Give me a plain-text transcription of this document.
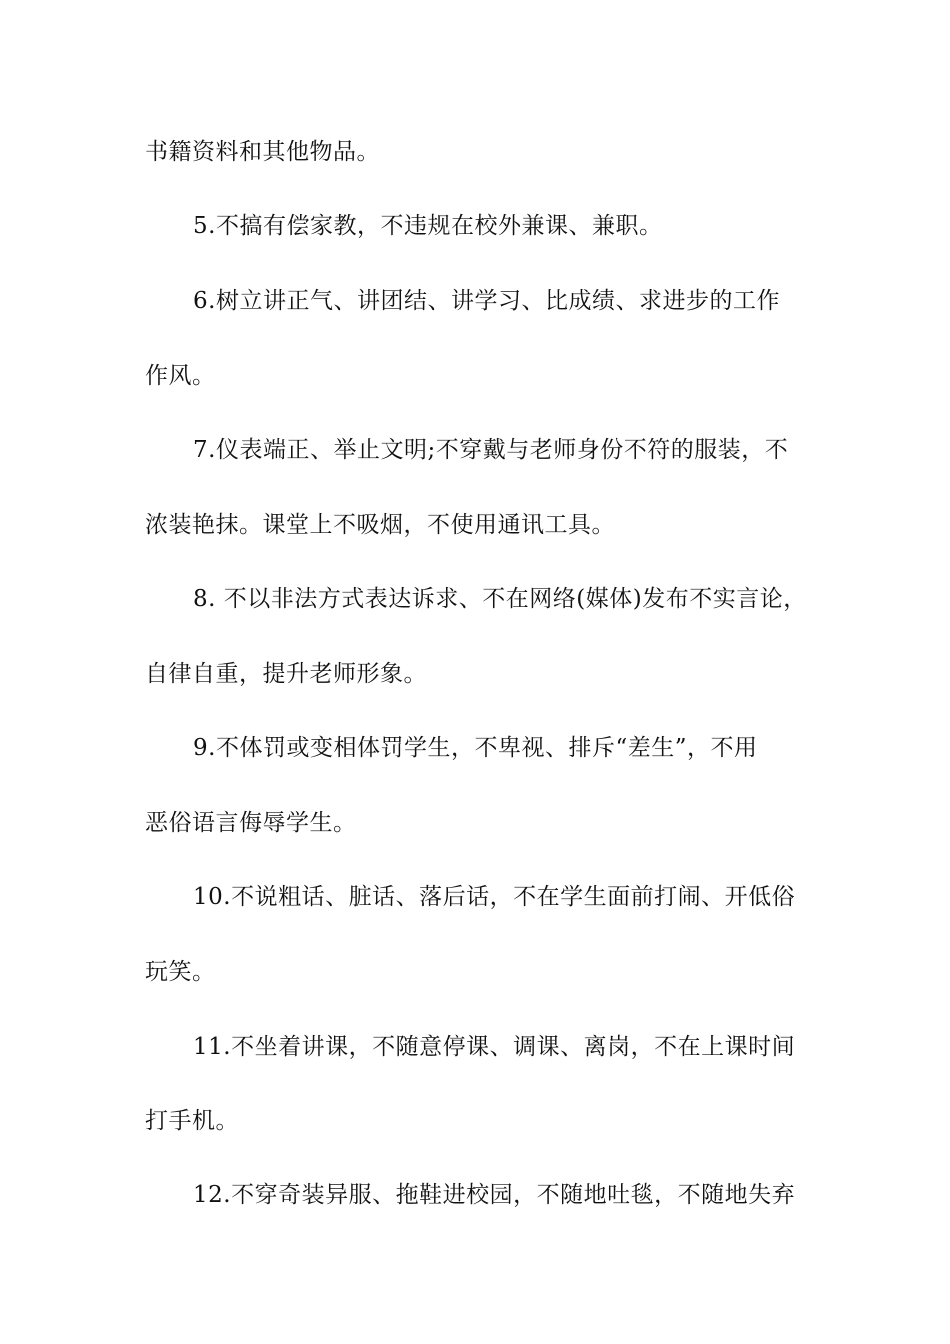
书籍资料和其他物品。
5.不搞有偿家教，不违规在校外兼课、兼职。
6.树立讲正气、讲团结、讲学习、比成绩、求进步的工作
作风。
7.仪表端正、举止文明;不穿戴与老师身份不符的服装，不
浓装艳抹。课堂上不吸烟，不使用通讯工具。
8. 不以非法方式表达诉求、不在网络(媒体)发布不实言论，
自律自重，提升老师形象。
9.不体罚或变相体罚学生，不卑视、排斥“差生”，不用
恶俗语言侮辱学生。
10.不说粗话、脏话、落后话，不在学生面前打闹、开低俗
玩笑。
11.不坐着讲课，不随意停课、调课、离岗，不在上课时间
打手机。
12.不穿奇装异服、拖鞋进校园，不随地吐毯，不随地失弃
